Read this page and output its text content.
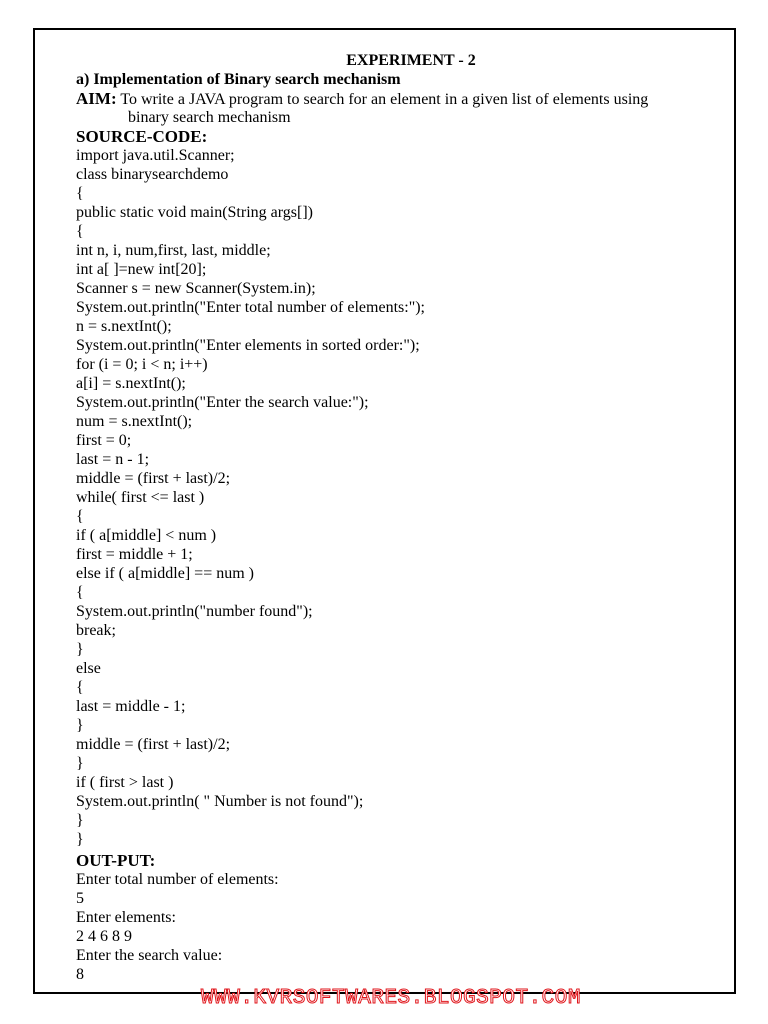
EXPERIMENT - 2
a) Implementation of Binary search mechanism
AIM: To write a JAVA program to search for an element in a given list of elements using
binary search mechanism
SOURCE-CODE:
import java.util.Scanner;
class binarysearchdemo
{
public static void main(String args[])
{
int n, i, num,first, last, middle;
int a[ ]=new int[20];
Scanner s = new Scanner(System.in);
System.out.println("Enter total number of elements:");
n = s.nextInt();
System.out.println("Enter elements in sorted order:");
for (i = 0; i < n; i++)
a[i] = s.nextInt();
System.out.println("Enter the search value:");
num = s.nextInt();
first = 0;
last = n - 1;
middle = (first + last)/2;
while( first <= last )
{
if ( a[middle] < num )
first = middle + 1;
else if ( a[middle] == num )
{
System.out.println("number found");
break;
}
else
{
last = middle - 1;
}
middle = (first + last)/2;
}
if ( first > last )
System.out.println( " Number is not found");
}
}
OUT-PUT:
Enter total number of elements:
5
Enter elements:
2 4 6 8 9
Enter the search value:
8
WWW.KVRSOFTWARES.BLOGSPOT.COM
